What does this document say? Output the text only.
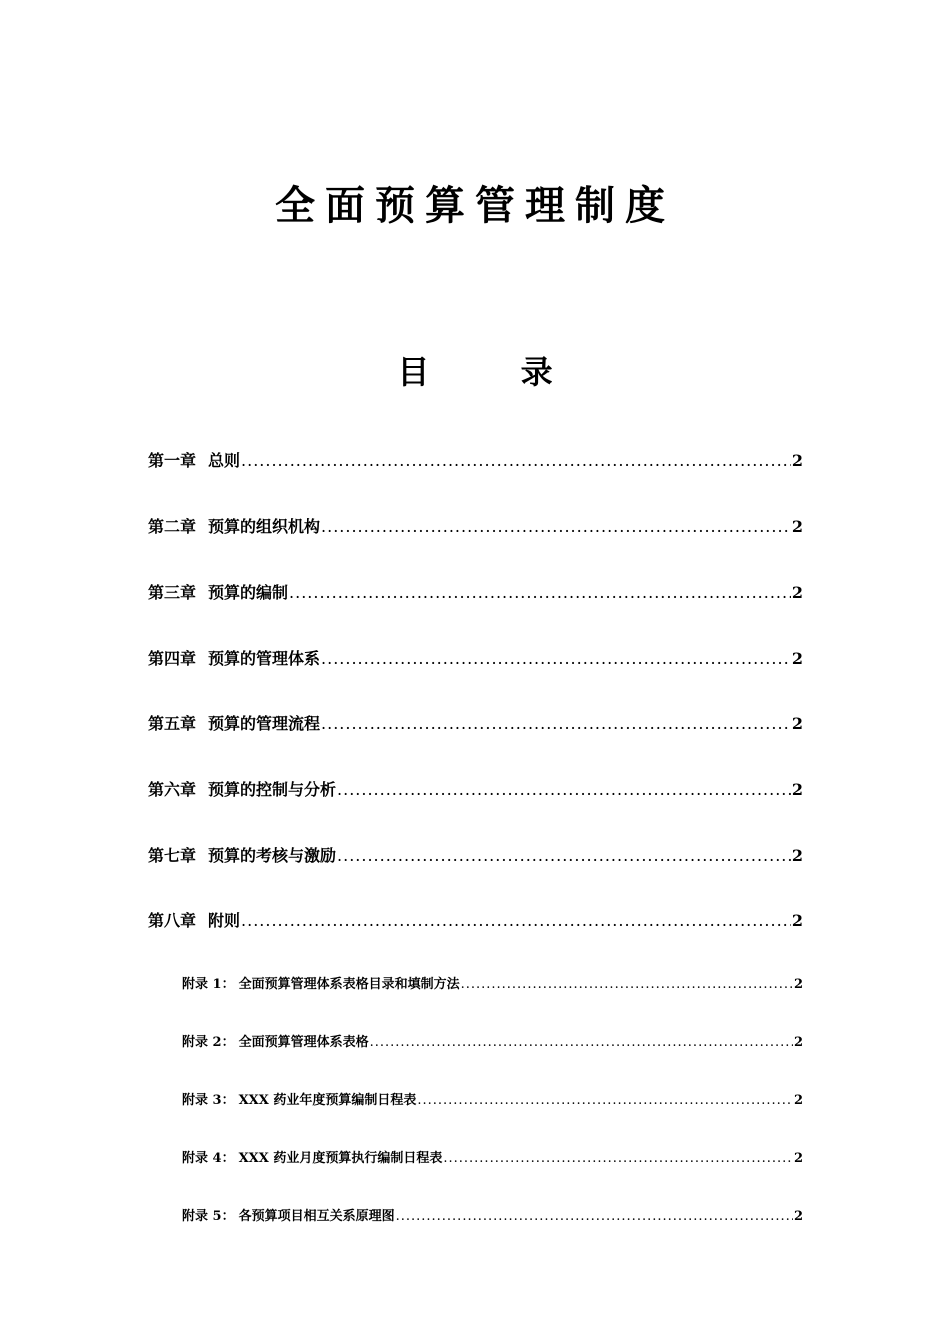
全面预算管理制度
目 录
第一章 总则 .....	2
第二章 预算的组织机构 .....	2
第三章 预算的编制 .....	2
第四章 预算的管理体系 .....	2
第五章 预算的管理流程 .....	2
第六章 预算的控制与分析 .....	2
第七章 预算的考核与激励 .....	2
第八章 附则 .....	2
附录 1： 全面预算管理体系表格目录和填制方法 .....	2
附录 2： 全面预算管理体系表格 .....	2
附录 3： XXX 药业年度预算编制日程表 .....	2
附录 4： XXX 药业月度预算执行编制日程表 .....	2
附录 5： 各预算项目相互关系原理图 .....	2
